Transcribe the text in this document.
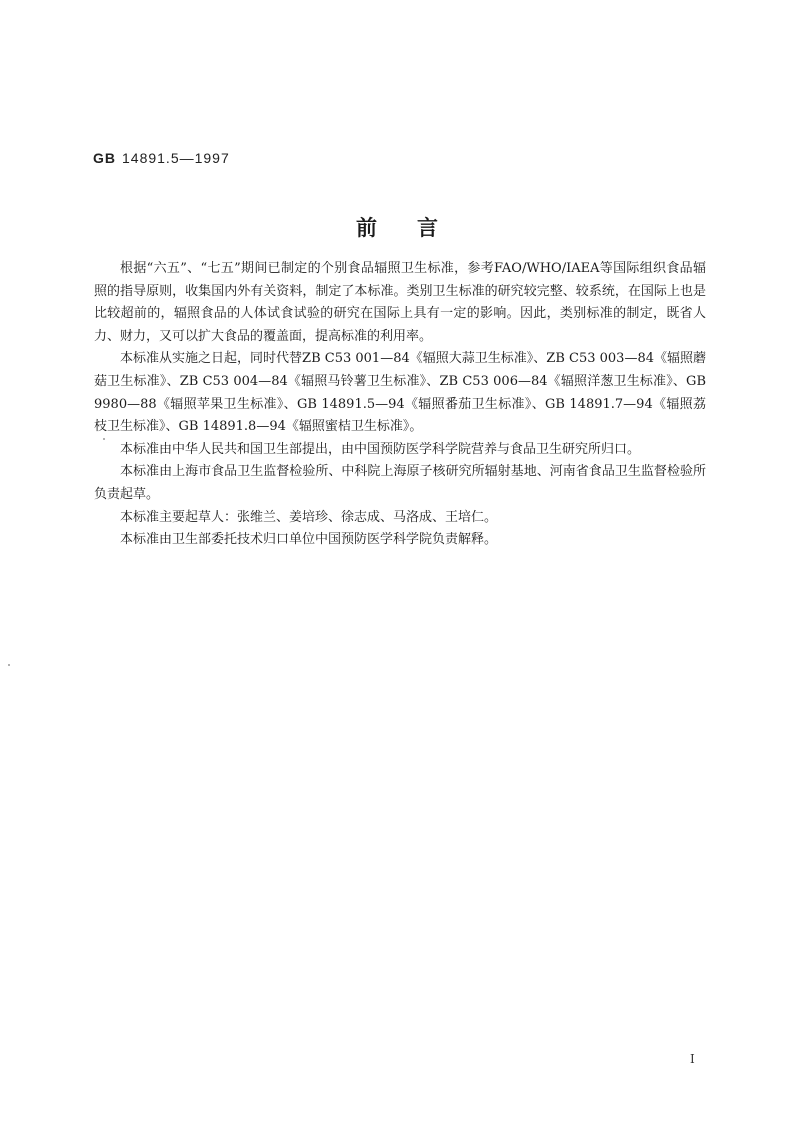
GB 14891.5—1997
前言

根据“六五”、“七五”期间已制定的个别食品辐照卫生标准，参考FAO/WHO/IAEA等国际组织食品辐照的指导原则，收集国内外有关资料，制定了本标准。类别卫生标准的研究较完整、较系统，在国际上也是比较超前的，辐照食品的人体试食试验的研究在国际上具有一定的影响。因此，类别标准的制定，既省人力、财力，又可以扩大食品的覆盖面，提高标准的利用率。

本标准从实施之日起，同时代替ZB C53 001—84《辐照大蒜卫生标准》、ZB C53 003—84《辐照蘑菇卫生标准》、ZB C53 004—84《辐照马铃薯卫生标准》、ZB C53 006—84《辐照洋葱卫生标准》、GB 9980—88《辐照苹果卫生标准》、GB 14891.5—94《辐照番茄卫生标准》、GB 14891.7—94《辐照荔枝卫生标准》、GB 14891.8—94《辐照蜜桔卫生标准》。

本标准由中华人民共和国卫生部提出，由中国预防医学科学院营养与食品卫生研究所归口。

本标准由上海市食品卫生监督检验所、中科院上海原子核研究所辐射基地、河南省食品卫生监督检验所负责起草。

本标准主要起草人：张维兰、姜培珍、徐志成、马洛成、王培仁。

本标准由卫生部委托技术归口单位中国预防医学科学院负责解释。

I
